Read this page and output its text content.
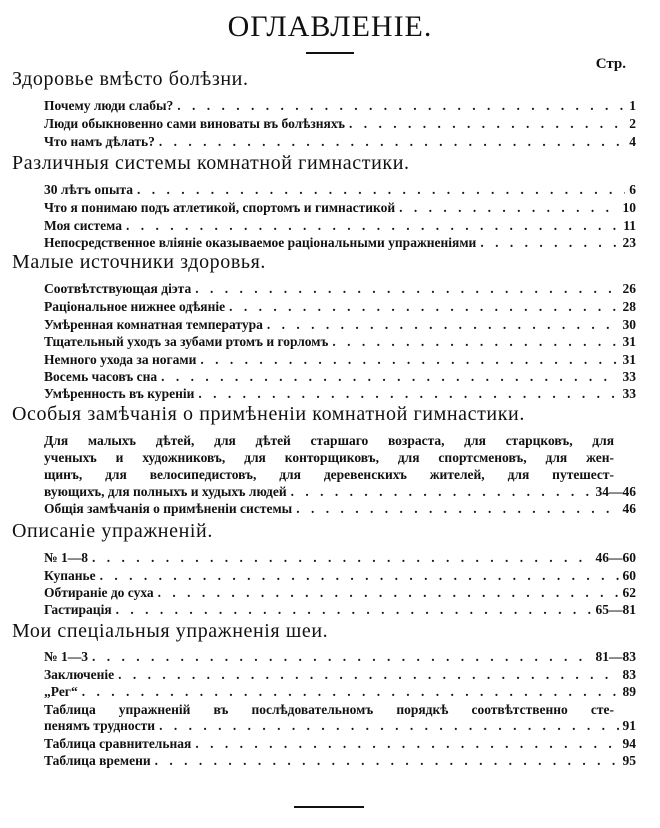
ОГЛАВЛЕНІЕ.
Стр.
Здоровье вмѣсто болѣзни.
Почему люди слабы? . . .	1
Люди обыкновенно сами виноваты въ болѣзняхъ . . .	2
Что намъ дѣлать? . . .	4
Различныя системы комнатной гимнастики.
30 лѣтъ опыта . . .	6
Что я понимаю подъ атлетикой, спортомъ и гимнастикой . . .	10
Моя система . . .	11
Непосредственное вліяніе оказываемое раціональными упражненіями . . .	23
Малые источники здоровья.
Соотвѣтствующая діэта . . .	26
Раціональное нижнее одѣяніе . . .	28
Умѣренная комнатная температура . . .	30
Тщательный уходъ за зубами ртомъ и горломъ . . .	31
Немного ухода за ногами . . .	31
Восемь часовъ сна . . .	33
Умѣренность въ куреніи . . .	33
Особыя замѣчанія о примѣненіи комнатной гимнастики.
Для малыхъ дѣтей, для дѣтей старшаго возраста, для старцковъ, для
ученыхъ и художниковъ, для конторщиковъ, для спортсменовъ, для жен-
щинъ, для велосипедистовъ, для деревенскихъ жителей, для путешест-
вующихъ, для полныхъ и худыхъ людей . . .	34—46
Общія замѣчанія о примѣненіи системы . . .	46
Описаніе упражненій.
№ 1—8 . . .	46—60
Купанье . . .	60
Обтираніе до суха . . .	62
Гастирація . . .	65—81
Мои спеціальныя упражненія шеи.
№ 1—3 . . .	81—83
Заключеніе . . .	83
„Рег“ . . .	89
Таблица упражненій въ послѣдовательномъ порядкѣ соотвѣтственно сте-
пенямъ трудности . . .	91
Таблица сравнительная . . .	94
Таблица времени . . .	95
